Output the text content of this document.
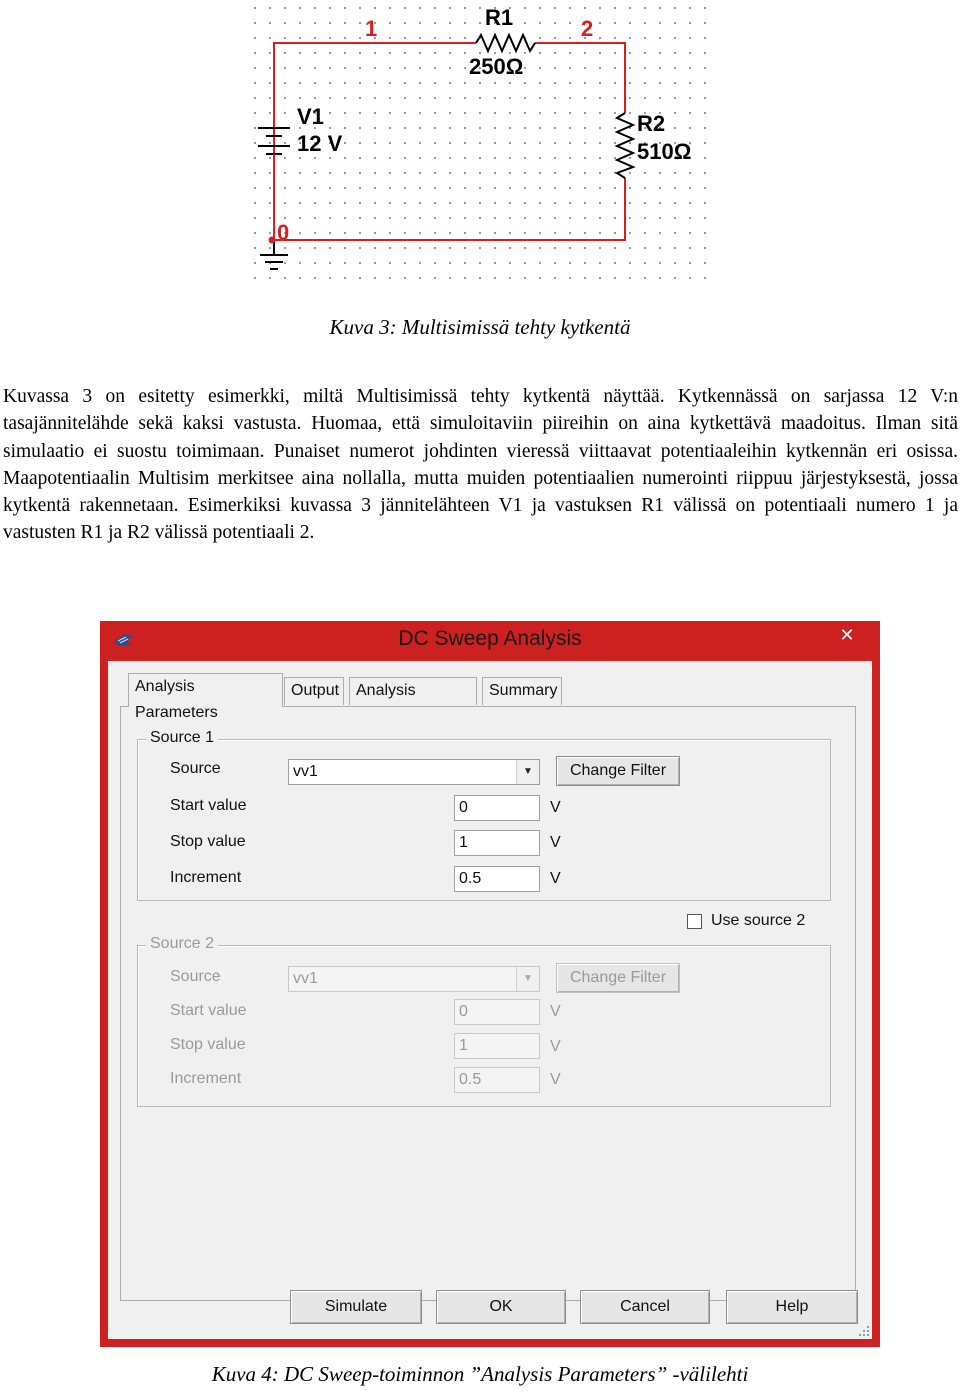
1	2
0
R1
250Ω
R2
510Ω
V1
12 V
Kuva 3: Multisimissä tehty kytkentä

Kuvassa 3 on esitetty esimerkki, miltä Multisimissä tehty kytkentä näyttää. Kytkennässä on sarjassa 12 V:n tasajännitelähde sekä kaksi vastusta. Huomaa, että simuloitaviin piireihin on aina kytkettävä maadoitus. Ilman sitä simulaatio ei suostu toimimaan. Punaiset numerot johdinten vieressä viittaavat potentiaaleihin kytkennän eri osissa. Maapotentiaalin Multisim merkitsee aina nollalla, mutta muiden potentiaalien numerointi riippuu järjestyksestä, jossa kytkentä rakennetaan. Esimerkiksi kuvassa 3 jännitelähteen V1 ja vastuksen R1 välissä on potentiaali numero 1 ja vastusten R1 ja R2 välissä potentiaali 2.

DC Sweep Analysis	✕
Analysis Parameters
Output	Analysis	Summary
Source 1
Source	vv1	▼	Change Filter
Start value	0	V
Stop value	1	V
Increment	0.5	V
Use source 2
Source 2
Source	vv1	▼	Change Filter
Start value	0	V
Stop value	1	V
Increment	0.5	V
Simulate	OK	Cancel	Help
Kuva 4: DC Sweep-toiminnon ”Analysis Parameters” -välilehti
